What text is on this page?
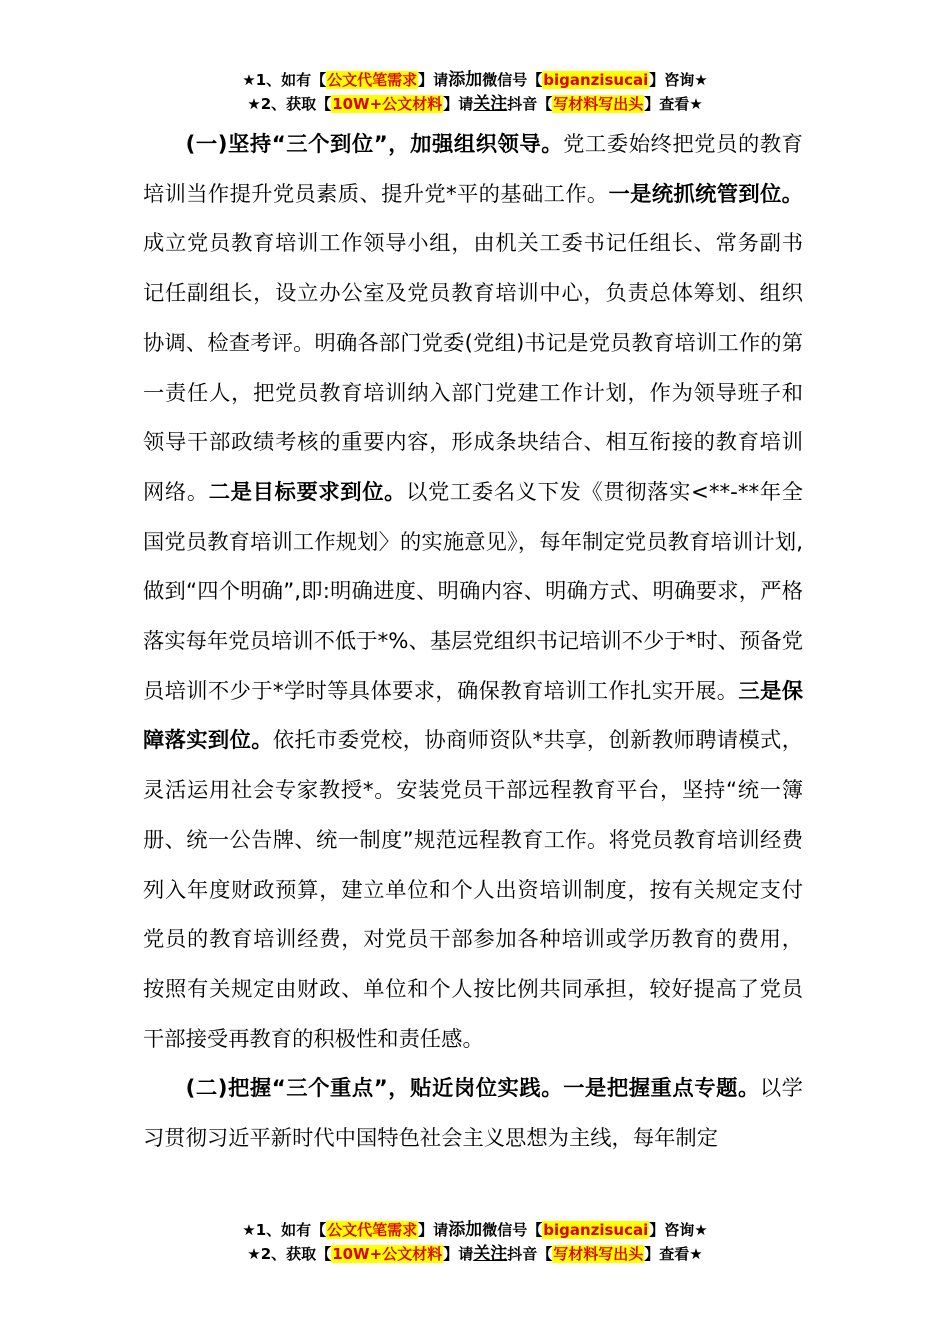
★1、如有【公文代笔需求】请添加微信号【biganzisucai】咨询★
★2、获取【10W+公文材料】请关注抖音【写材料写出头】查看★

(一)坚持“三个到位”，加强组织领导。党工委始终把党员的教育培训当作提升党员素质、提升党*平的基础工作。一是统抓统管到位。成立党员教育培训工作领导小组，由机关工委书记任组长、常务副书记任副组长，设立办公室及党员教育培训中心，负责总体筹划、组织协调、检查考评。明确各部门党委(党组)书记是党员教育培训工作的第一责任人，把党员教育培训纳入部门党建工作计划，作为领导班子和领导干部政绩考核的重要内容，形成条块结合、相互衔接的教育培训网络。二是目标要求到位。以党工委名义下发《贯彻落实<**-**年全国党员教育培训工作规划〉的实施意见》，每年制定党员教育培训计划,做到“四个明确”,即:明确进度、明确内容、明确方式、明确要求，严格落实每年党员培训不低于*%、基层党组织书记培训不少于*时、预备党员培训不少于*学时等具体要求，确保教育培训工作扎实开展。三是保障落实到位。依托市委党校，协商师资队*共享，创新教师聘请模式，灵活运用社会专家教授*。安装党员干部远程教育平台，坚持“统一簿册、统一公告牌、统一制度”规范远程教育工作。将党员教育培训经费列入年度财政预算，建立单位和个人出资培训制度，按有关规定支付党员的教育培训经费，对党员干部参加各种培训或学历教育的费用，按照有关规定由财政、单位和个人按比例共同承担，较好提高了党员干部接受再教育的积极性和责任感。

(二)把握“三个重点”，贴近岗位实践。一是把握重点专题。以学习贯彻习近平新时代中国特色社会主义思想为主线，每年制定

★1、如有【公文代笔需求】请添加微信号【biganzisucai】咨询★
★2、获取【10W+公文材料】请关注抖音【写材料写出头】查看★
